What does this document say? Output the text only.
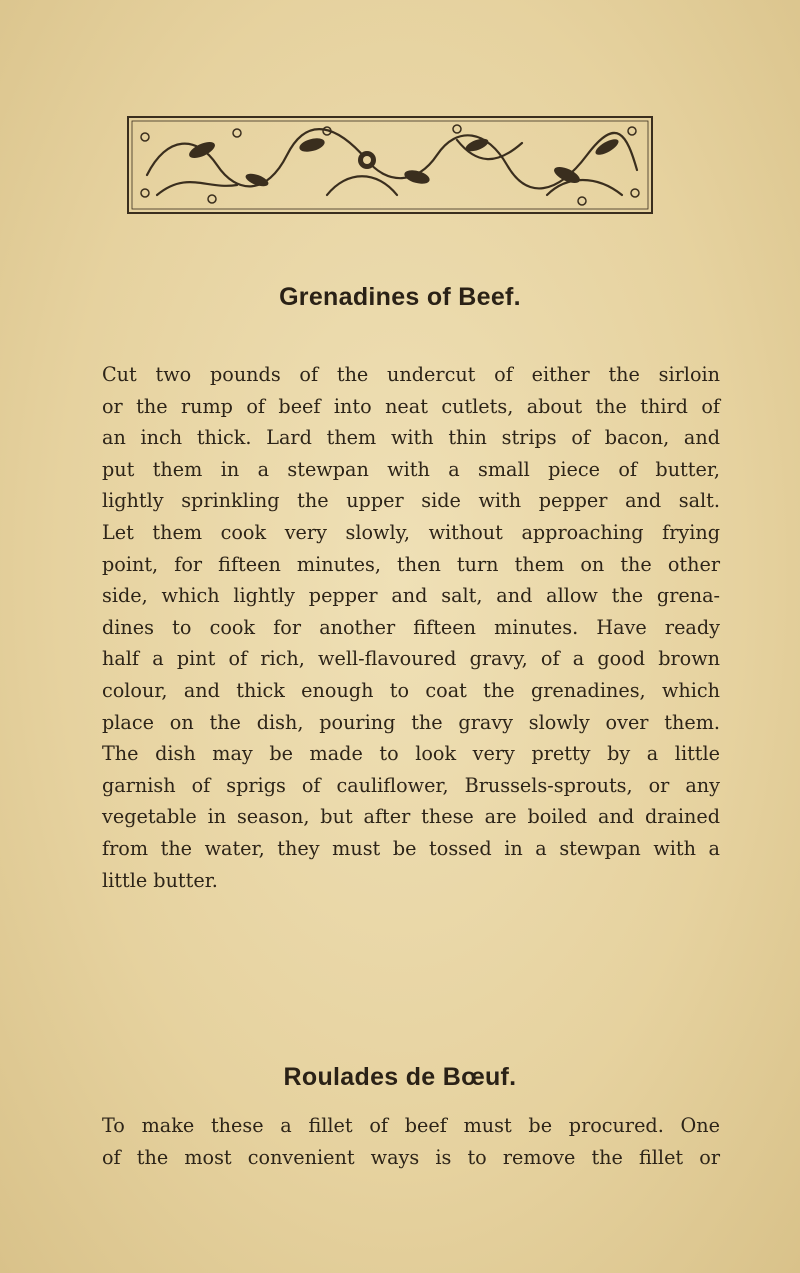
Grenadines of Beef.
Cut two pounds of the undercut of either the sirloin
or the rump of beef into neat cutlets, about the third of
an inch thick. Lard them with thin strips of bacon, and
put them in a stewpan with a small piece of butter,
lightly sprinkling the upper side with pepper and salt.
Let them cook very slowly, without approaching frying
point, for fifteen minutes, then turn them on the other
side, which lightly pepper and salt, and allow the grena-
dines to cook for another fifteen minutes. Have ready
half a pint of rich, well-flavoured gravy, of a good brown
colour, and thick enough to coat the grenadines, which
place on the dish, pouring the gravy slowly over them.
The dish may be made to look very pretty by a little
garnish of sprigs of cauliflower, Brussels-sprouts, or any
vegetable in season, but after these are boiled and drained
from the water, they must be tossed in a stewpan with a
little butter.
Roulades de Bœuf.
To make these a fillet of beef must be procured. One
of the most convenient ways is to remove the fillet or
